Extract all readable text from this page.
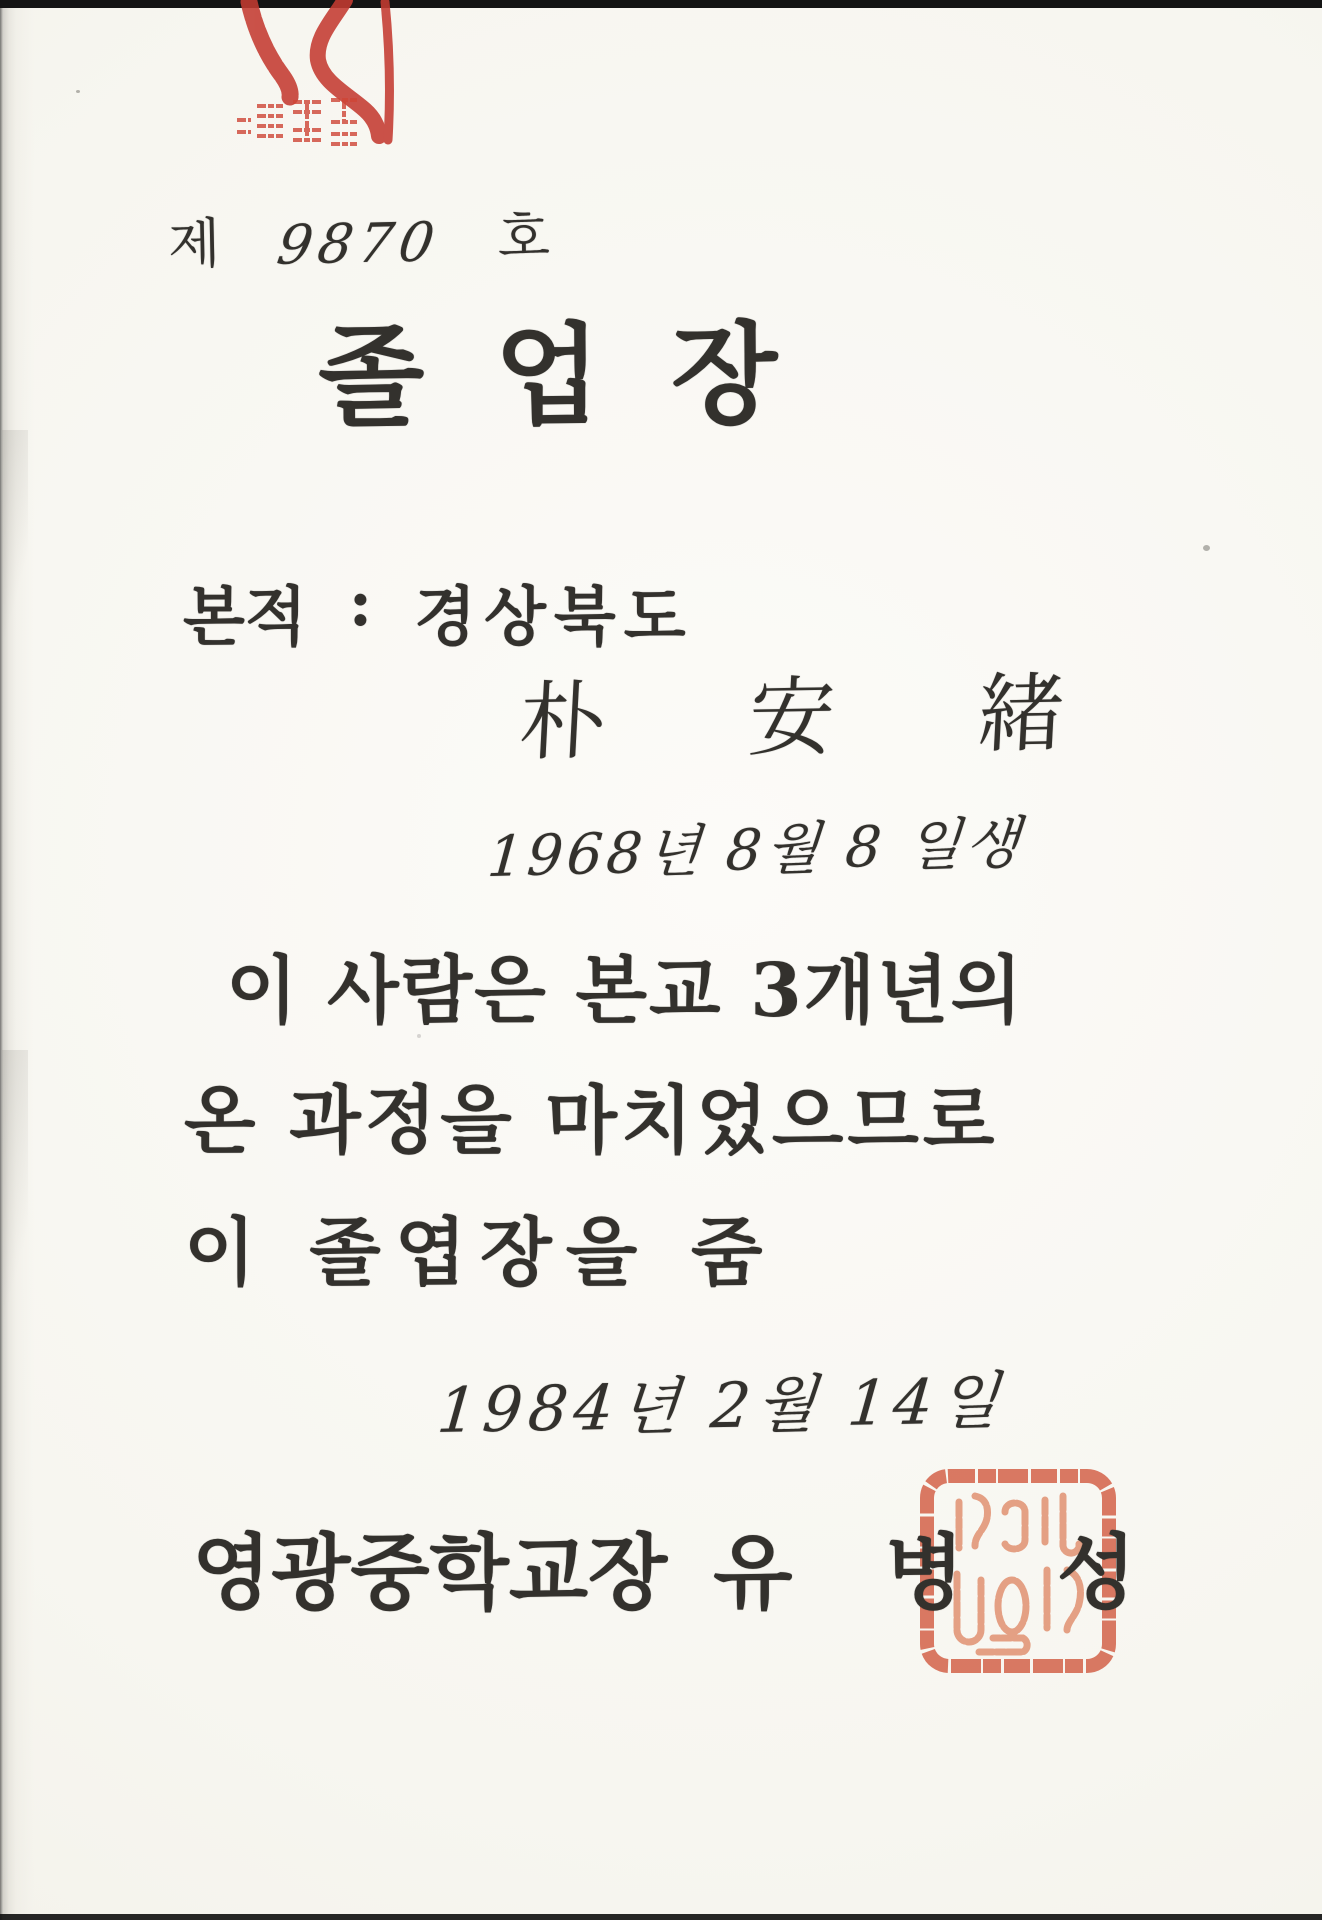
제 9870 호
졸 업 장
본적 : 경상북도
朴 安 緒
1968년 8월 8 일생
이 사람은 본교 3개년의
온 과정을 마치었으므로
이 졸엽장을 줌
1984년 2월 14일
영광중학교장 유 병 성
